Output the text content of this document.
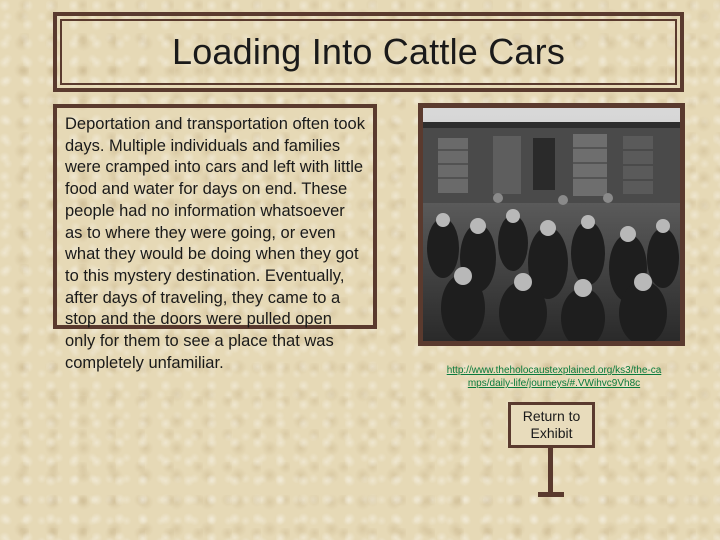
Loading Into Cattle Cars

Deportation and transportation often took days. Multiple individuals and families were cramped into cars and left with little food and water for days on end. These people had no information whatsoever as to where they were going, or even what they would be doing when they got to this mystery destination. Eventually, after days of traveling, they came to a stop and the doors were pulled open only for them to see a place that was completely unfamiliar.	http://www.theholocaustexplained.org/ks3/the-camps/daily-life/journeys/#.VWihvc9Vh8c
Return to Exhibit
